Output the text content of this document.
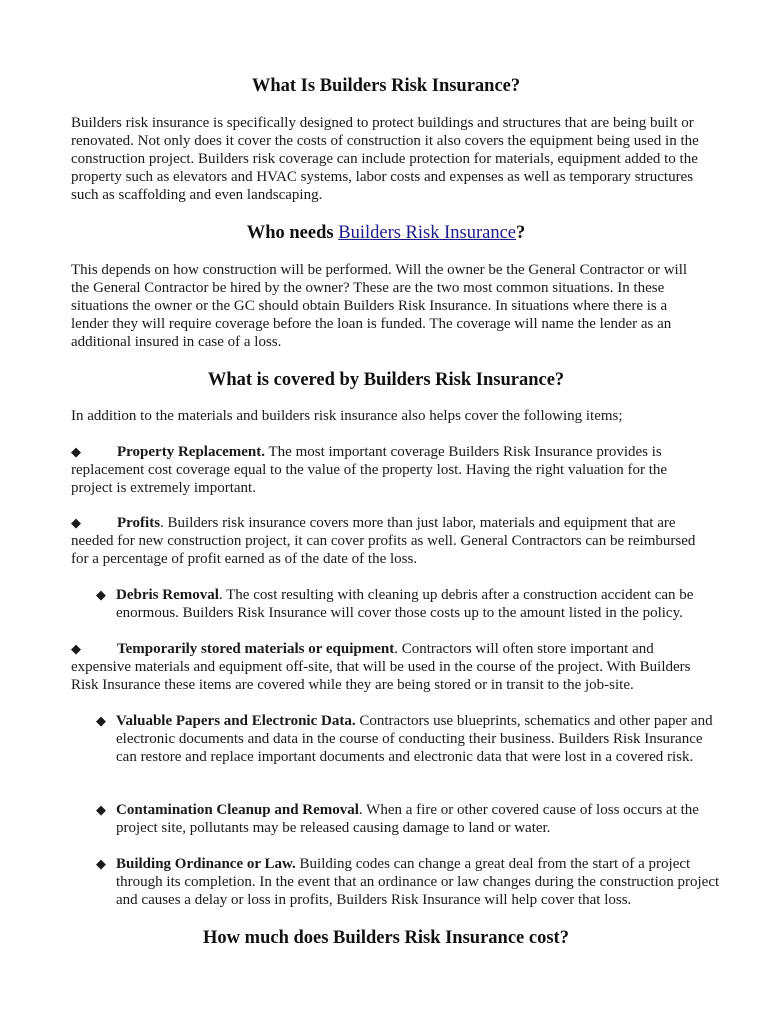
What Is Builders Risk Insurance?

Builders risk insurance is specifically designed to protect buildings and structures that are being built or renovated. Not only does it cover the costs of construction it also covers the equipment being used in the construction project. Builders risk coverage can include protection for materials, equipment added to the property such as elevators and HVAC systems, labor costs and expenses as well as temporary structures such as scaffolding and even landscaping.

Who needs Builders Risk Insurance?

This depends on how construction will be performed. Will the owner be the General Contractor or will the General Contractor be hired by the owner? These are the two most common situations. In these situations the owner or the GC should obtain Builders Risk Insurance. In situations where there is a lender they will require coverage before the loan is funded. The coverage will name the lender as an additional insured in case of a loss.

What is covered by Builders Risk Insurance?

In addition to the materials and builders risk insurance also helps cover the following items;

◆ Property Replacement. The most important coverage Builders Risk Insurance provides is replacement cost coverage equal to the value of the property lost. Having the right valuation for the project is extremely important.
◆ Profits. Builders risk insurance covers more than just labor, materials and equipment that are needed for new construction project, it can cover profits as well. General Contractors can be reimbursed for a percentage of profit earned as of the date of the loss.
◆ Debris Removal. The cost resulting with cleaning up debris after a construction accident can be enormous. Builders Risk Insurance will cover those costs up to the amount listed in the policy.
◆ Temporarily stored materials or equipment. Contractors will often store important and expensive materials and equipment off-site, that will be used in the course of the project. With Builders Risk Insurance these items are covered while they are being stored or in transit to the job-site.
◆ Valuable Papers and Electronic Data. Contractors use blueprints, schematics and other paper and electronic documents and data in the course of conducting their business. Builders Risk Insurance can restore and replace important documents and electronic data that were lost in a covered risk.
◆ Contamination Cleanup and Removal. When a fire or other covered cause of loss occurs at the project site, pollutants may be released causing damage to land or water.
◆ Building Ordinance or Law. Building codes can change a great deal from the start of a project through its completion. In the event that an ordinance or law changes during the construction project and causes a delay or loss in profits, Builders Risk Insurance will help cover that loss.
How much does Builders Risk Insurance cost?
